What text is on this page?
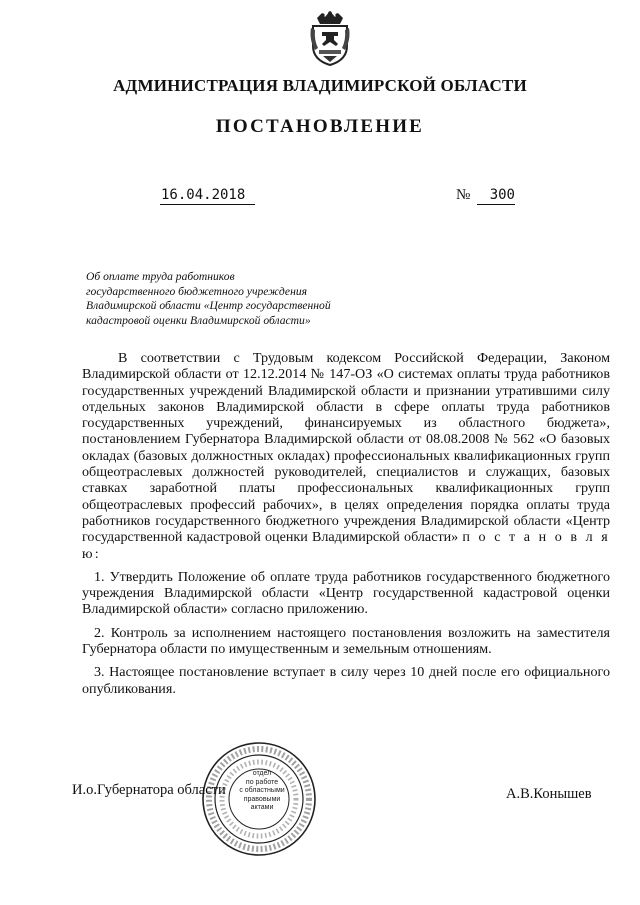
АДМИНИСТРАЦИЯ ВЛАДИМИРСКОЙ ОБЛАСТИ
ПОСТАНОВЛЕНИЕ
16.04.2018	№	300
Об оплате труда работников
государственного бюджетного учреждения
Владимирской области «Центр государственной
кадастровой оценки Владимирской области»

В соответствии с Трудовым кодексом Российской Федерации, Законом Владимирской области от 12.12.2014 № 147-ОЗ «О системах оплаты труда работников государственных учреждений Владимирской области и признании утратившими силу отдельных законов Владимирской области в сфере оплаты труда работников государственных учреждений, финансируемых из областного бюджета», постановлением Губернатора Владимирской области от 08.08.2008 № 562 «О базовых окладах (базовых должностных окладах) профессиональных квалификационных групп общеотраслевых должностей руководителей, специалистов и служащих, базовых ставках заработной платы профессиональных квалификационных групп общеотраслевых профессий рабочих», в целях определения порядка оплаты труда работников государственного бюджетного учреждения Владимирской области «Центр государственной кадастровой оценки Владимирской области» п о с т а н о в л я ю:

1. Утвердить Положение об оплате труда работников государственного бюджетного учреждения Владимирской области «Центр государственной кадастровой оценки Владимирской области» согласно приложению.

2. Контроль за исполнением настоящего постановления возложить на заместителя Губернатора области по имущественным и земельным отношениям.

3. Настоящее постановление вступает в силу через 10 дней после его официального опубликования.

отдел
по работе
с областными
правовыми
актами
И.о.Губернатора области	А.В.Конышев
